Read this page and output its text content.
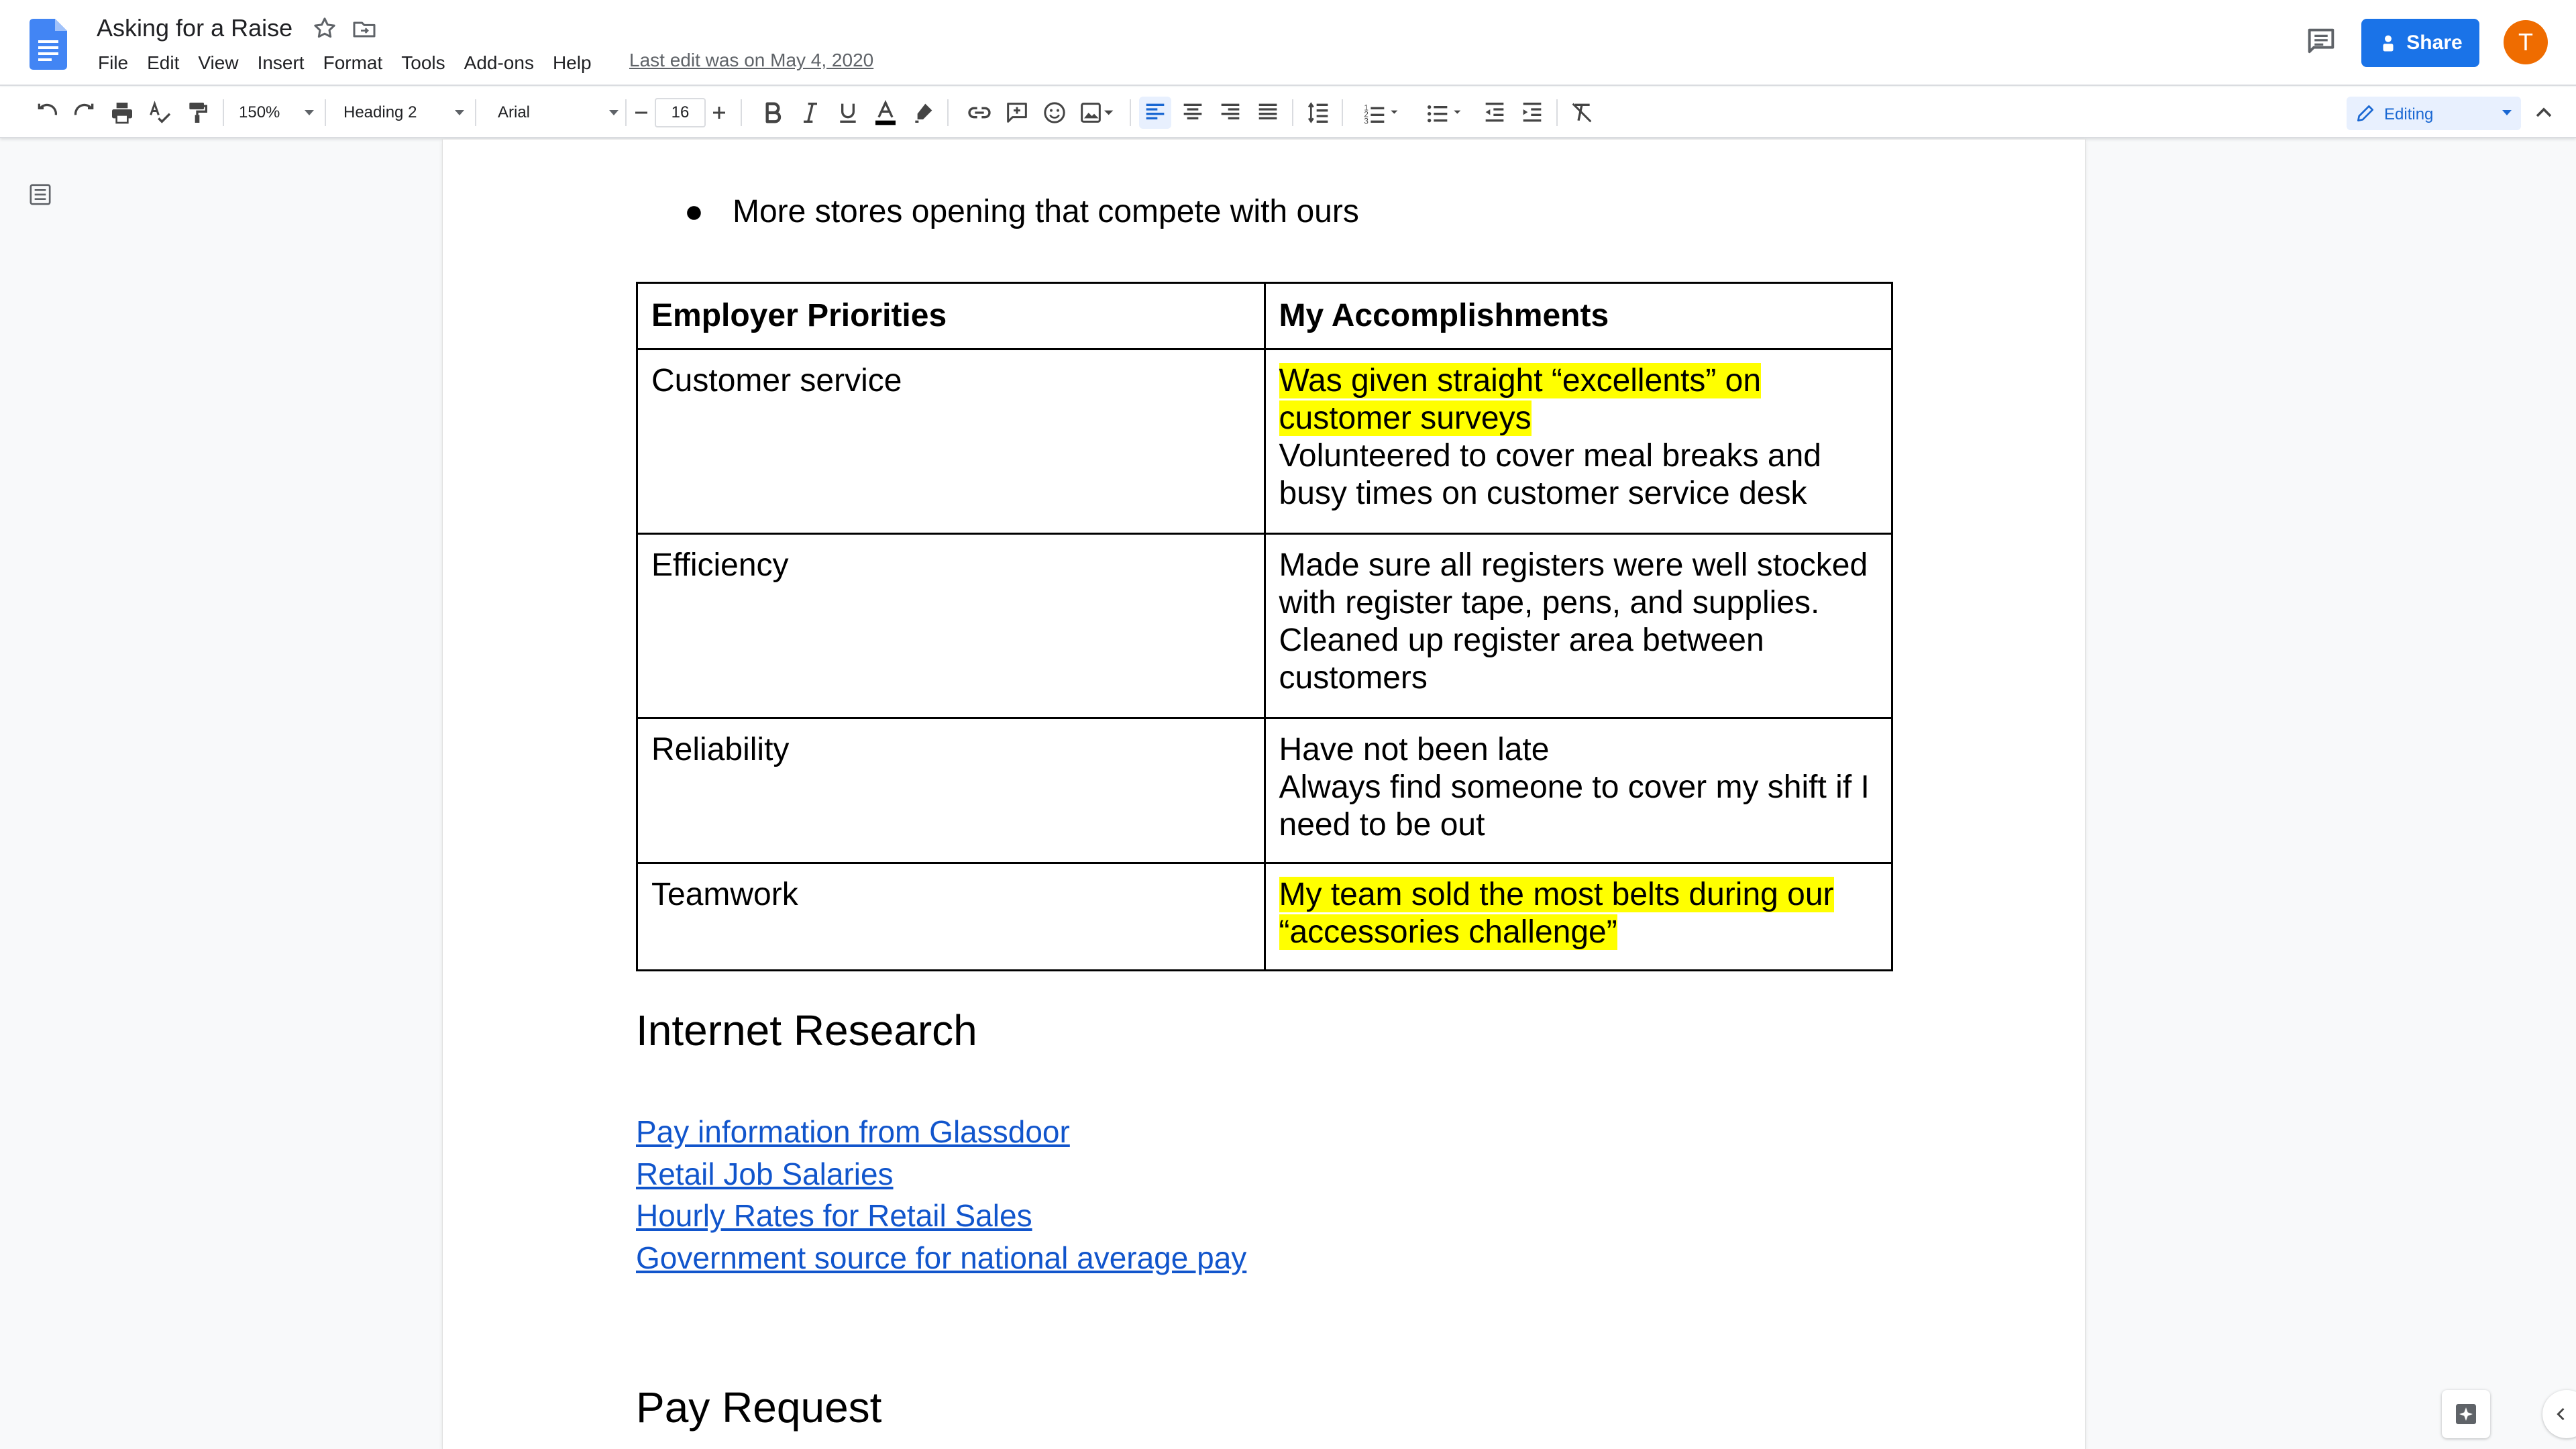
Asking for a Raise
File	Edit	View	Insert	Format	Tools	Add-ons	Help	Last edit was on May 4, 2020
Share	T
150%	Heading 2	Arial	16	1
2
3	Editing
● More stores opening that compete with ours
Employer Priorities	My Accomplishments
Customer service	Was given straight “excellents” on
customer surveys
Volunteered to cover meal breaks and
busy times on customer service desk
Efficiency	Made sure all registers were well stocked
with register tape, pens, and supplies.
Cleaned up register area between
customers
Reliability	Have not been late
Always find someone to cover my shift if I
need to be out
Teamwork	My team sold the most belts during our
“accessories challenge”
Internet Research
Pay information from Glassdoor
Retail Job Salaries
Hourly Rates for Retail Sales
Government source for national average pay
Pay Request
